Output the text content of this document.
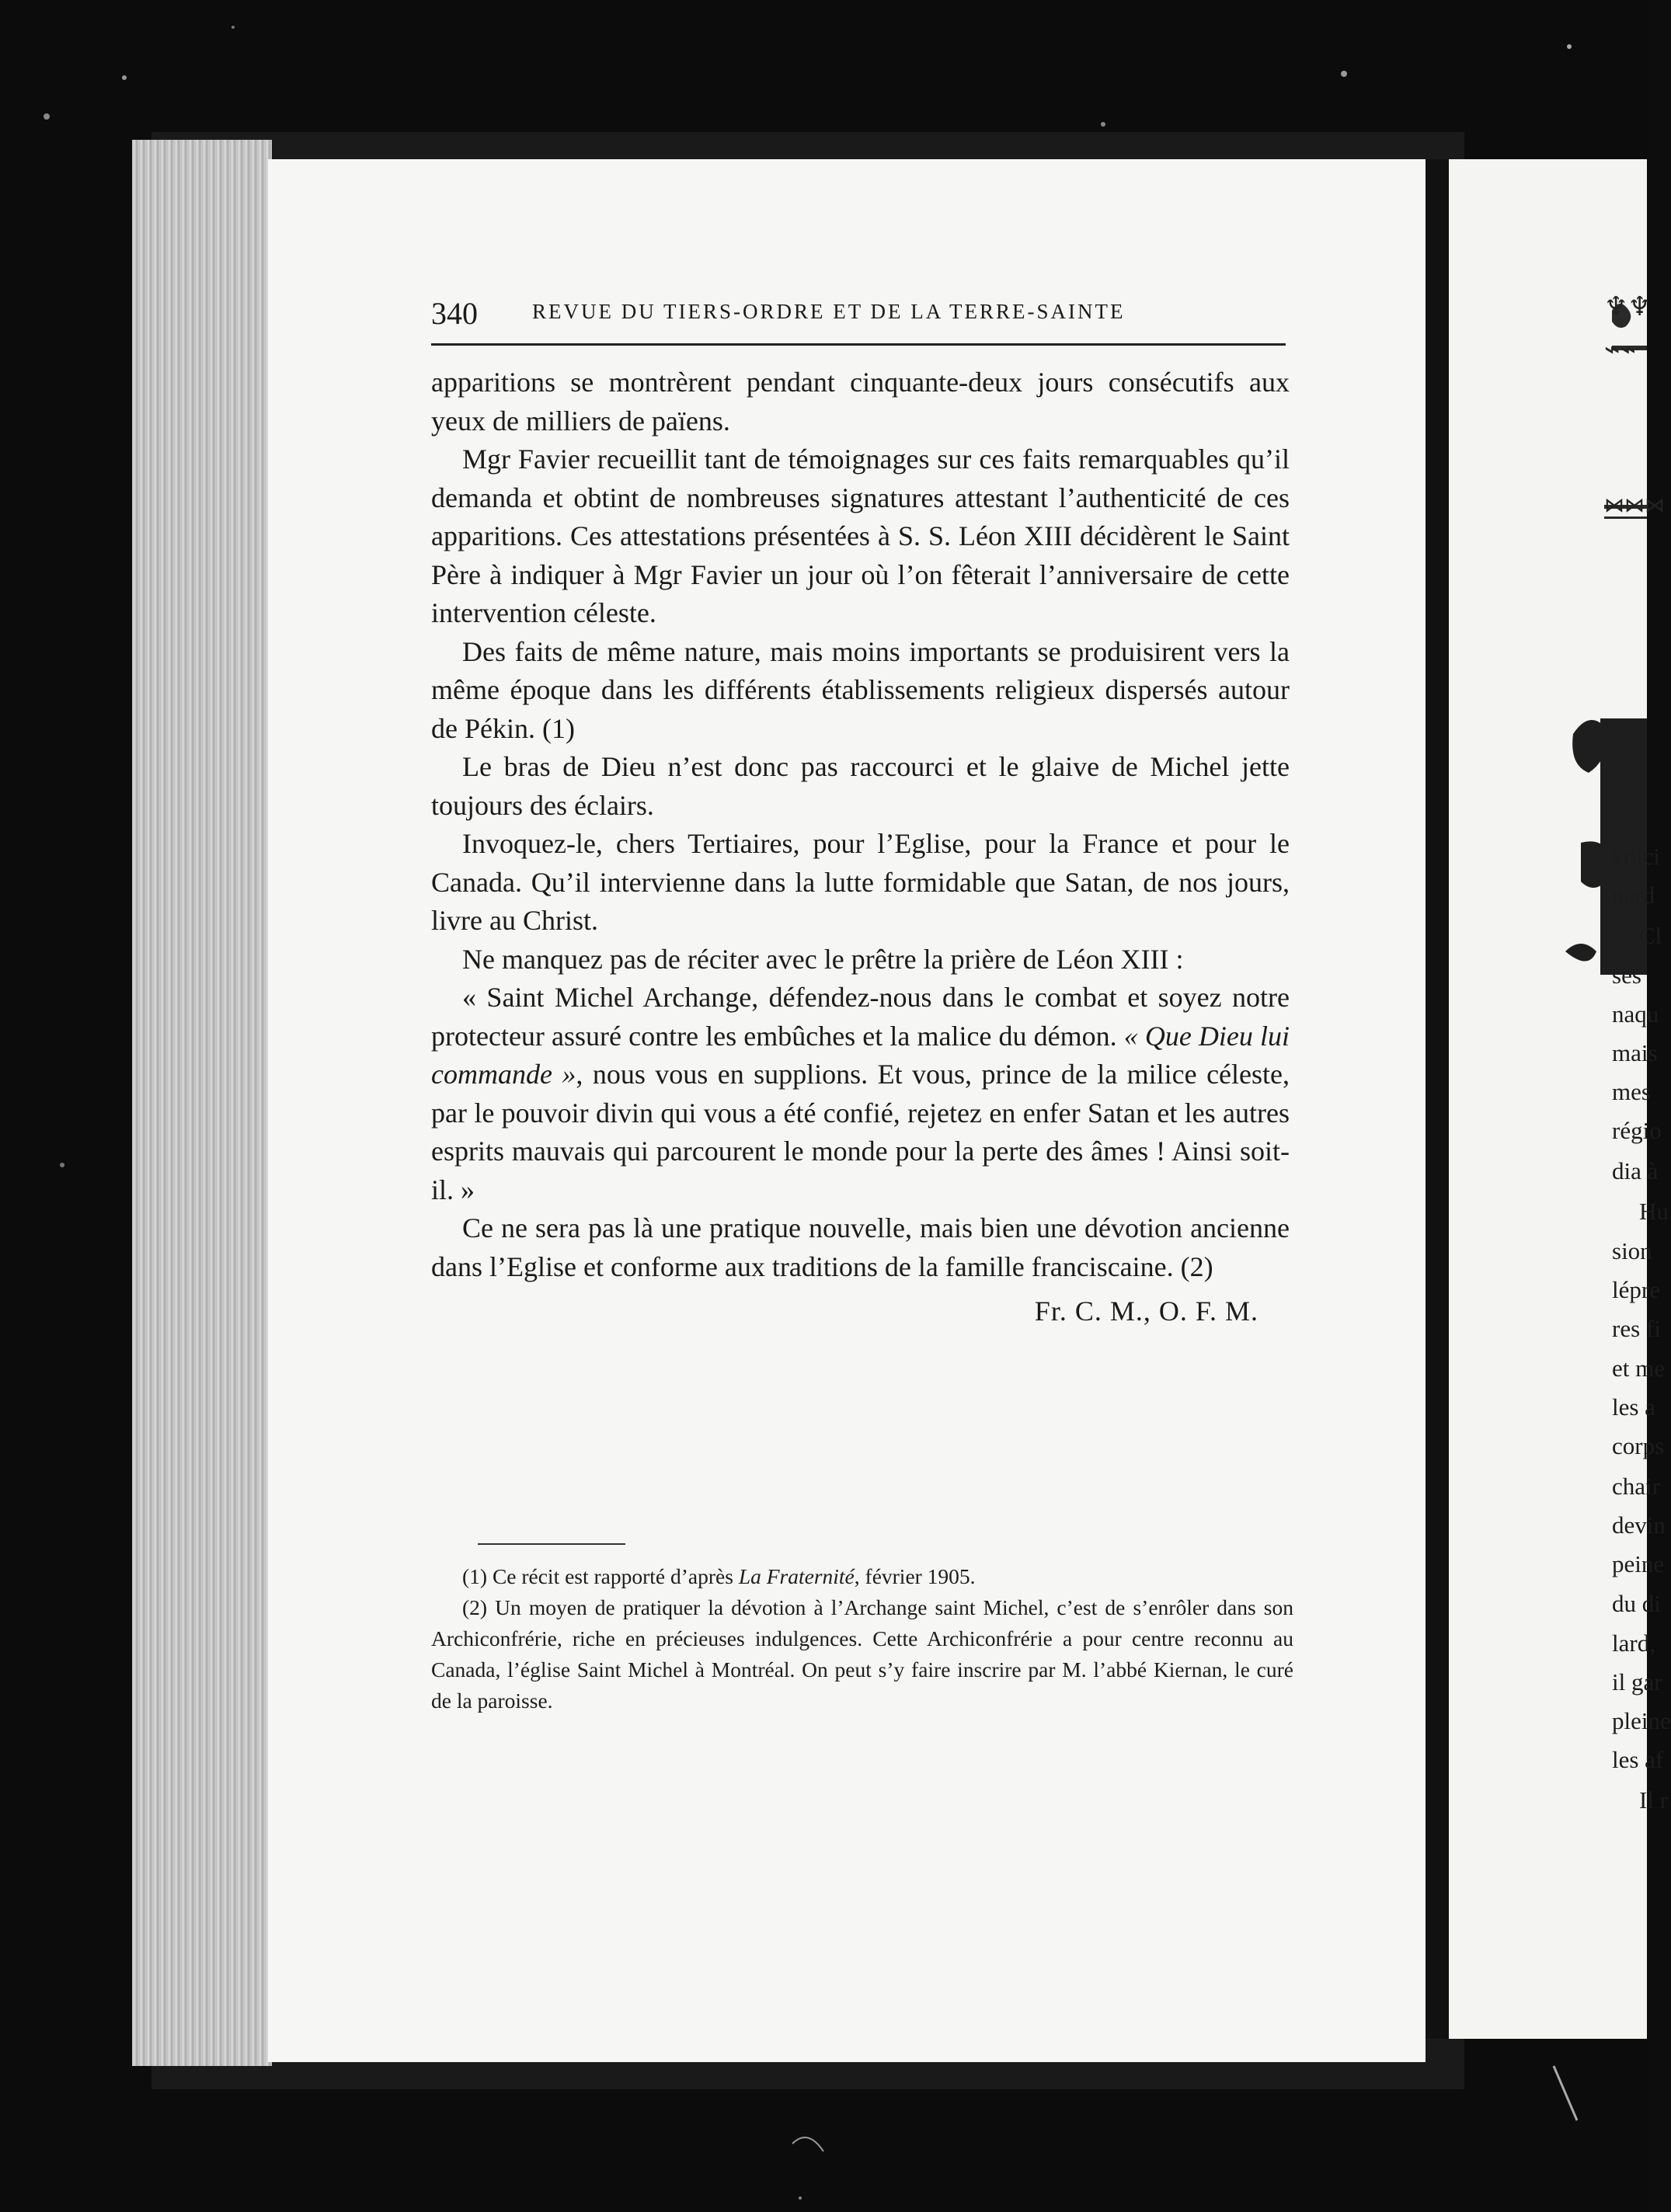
340	REVUE DU TIERS-ORDRE ET DE LA TERRE-SAINTE

apparitions se montrèrent pendant cinquante-deux jours consécutifs aux yeux de milliers de païens.

Mgr Favier recueillit tant de témoignages sur ces faits remarquables qu’il demanda et obtint de nombreuses signatures attestant l’authenticité de ces apparitions. Ces attestations présentées à S. S. Léon XIII décidèrent le Saint Père à indiquer à Mgr Favier un jour où l’on fêterait l’anniversaire de cette intervention céleste.

Des faits de même nature, mais moins importants se produisirent vers la même époque dans les différents établissements religieux dispersés autour de Pékin. (1)

Le bras de Dieu n’est donc pas raccourci et le glaive de Michel jette toujours des éclairs.

Invoquez-le, chers Tertiaires, pour l’Eglise, pour la France et pour le Canada. Qu’il intervienne dans la lutte formidable que Satan, de nos jours, livre au Christ.

Ne manquez pas de réciter avec le prêtre la prière de Léon XIII :

« Saint Michel Archange, défendez-nous dans le combat et soyez notre protecteur assuré contre les embûches et la malice du démon. « Que Dieu lui commande », nous vous en supplions. Et vous, prince de la milice céleste, par le pouvoir divin qui vous a été confié, rejetez en enfer Satan et les autres esprits mauvais qui parcourent le monde pour la perte des âmes ! Ainsi soit-il. »

Ce ne sera pas là une pratique nouvelle, mais bien une dévotion ancienne dans l’Eglise et conforme aux traditions de la famille franciscaine. (2)

Fr. C. M., O. F. M.

(1) Ce récit est rapporté d’après La Fraternité, février 1905.

(2) Un moyen de pratiquer la dévotion à l’Archange saint Michel, c’est de s’enrôler dans son Archiconfrérie, riche en précieuses indulgences. Cette Archiconfrérie a pour centre reconnu au Canada, l’église Saint Michel à Montréal. On peut s’y faire inscrire par M. l’abbé Kiernan, le curé de la paroisse.

♆♆
⌁⌁
⋈⋈⋈
voici
nard
Cl
ses
naqu
mais
mes
régio
dia à
Hu
sion
lépre
res fi
et me
les a
corps
chair
devin
peine
du di
lard,
il gar
pleine
les af
Il r
